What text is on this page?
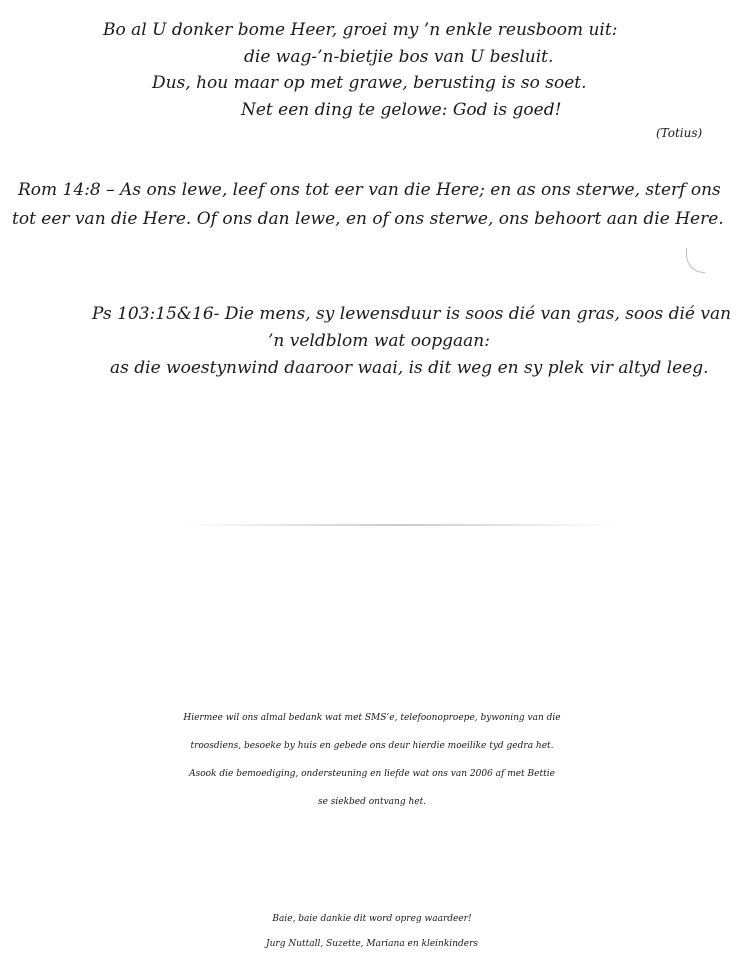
Bo al U donker bome Heer, groei my ’n enkle reusboom uit:
die wag-’n-bietjie bos van U besluit.
Dus, hou maar op met grawe, berusting is so soet.
Net een ding te gelowe: God is goed!
(Totius)
Rom 14:8 – As ons lewe, leef ons tot eer van die Here; en as ons sterwe, sterf ons
tot eer van die Here. Of ons dan lewe, en of ons sterwe, ons behoort aan die Here.
Ps 103:15&16- Die mens, sy lewensduur is soos dié van gras, soos dié van
’n veldblom wat oopgaan:
as die woestynwind daaroor waai, is dit weg en sy plek vir altyd leeg.
Hiermee wil ons almal bedank wat met SMS’e, telefoonoproepe, bywoning van die
troosdiens, besoeke by huis en gebede ons deur hierdie moeilike tyd gedra het.
Asook die bemoediging, ondersteuning en liefde wat ons van 2006 af met Bettie
se siekbed ontvang het.
Baie, baie dankie dit word opreg waardeer!
Jurg Nuttall, Suzette, Mariana en kleinkinders
